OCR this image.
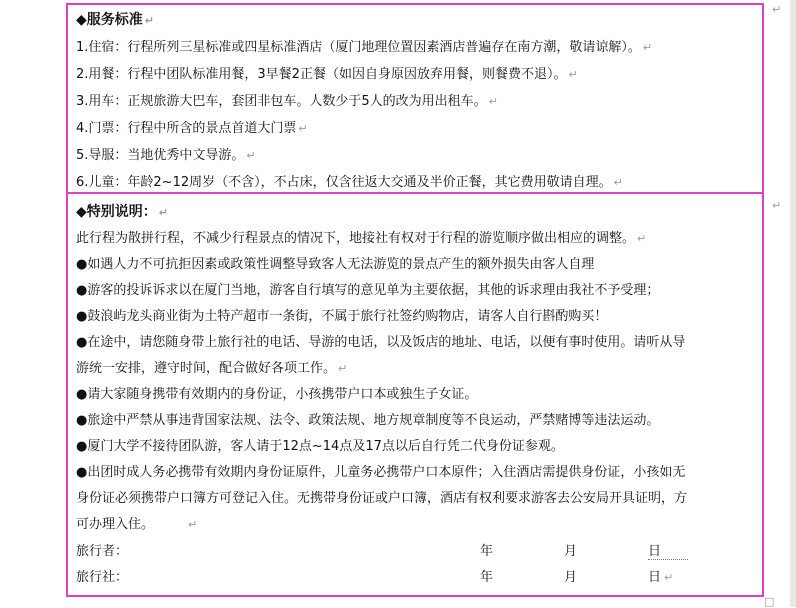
↵
↵
□
◆服务标准 ↵
1.住宿：行程所列三星标准或四星标准酒店（厦门地理位置因素酒店普遍存在南方潮，敬请谅解）。 ↵
2.用餐：行程中团队标准用餐，3早餐2正餐（如因自身原因放弃用餐，则餐费不退）。 ↵
3.用车：正规旅游大巴车，套团非包车。人数少于5人的改为用出租车。 ↵
4.门票：行程中所含的景点首道大门票 ↵
5.导服：当地优秀中文导游。 ↵
6.儿童：年龄2~12周岁（不含），不占床，仅含往返大交通及半价正餐，其它费用敬请自理。 ↵
◆特别说明： ↵
此行程为散拼行程，不减少行程景点的情况下，地接社有权对于行程的游览顺序做出相应的调整。 ↵
●如遇人力不可抗拒因素或政策性调整导致客人无法游览的景点产生的额外损失由客人自理
●游客的投诉诉求以在厦门当地，游客自行填写的意见单为主要依据，其他的诉求理由我社不予受理；
●鼓浪屿龙头商业街为土特产超市一条街，不属于旅行社签约购物店，请客人自行斟酌购买！
●在途中，请您随身带上旅行社的电话、导游的电话，以及饭店的地址、电话，以便有事时使用。请听从导
游统一安排，遵守时间，配合做好各项工作。 ↵
●请大家随身携带有效期内的身份证，小孩携带户口本或独生子女证。
●旅途中严禁从事违背国家法规、法令、政策法规、地方规章制度等不良运动，严禁赌博等违法运动。
●厦门大学不接待团队游，客人请于12点~14点及17点以后自行凭二代身份证参观。
●出团时成人务必携带有效期内身份证原件，儿童务必携带户口本原件；入住酒店需提供身份证，小孩如无
身份证必须携带户口簿方可登记入住。无携带身份证或户口簿，酒店有权利要求游客去公安局开具证明，方
可办理入住。	↵
旅行者：	年	月	日
旅行社：	年	月	日 ↵
